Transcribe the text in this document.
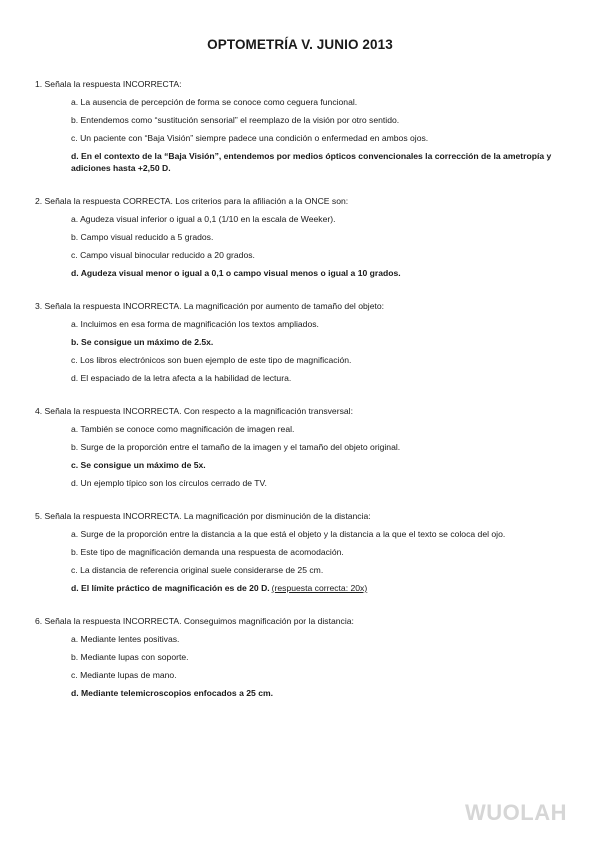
OPTOMETRÍA V. JUNIO 2013
1. Señala la respuesta INCORRECTA:
a. La ausencia de percepción de forma se conoce como ceguera funcional.
b. Entendemos como “sustitución sensorial” el reemplazo de la visión por otro sentido.
c. Un paciente con “Baja Visión” siempre padece una condición o enfermedad en ambos ojos.
d. En el contexto de la “Baja Visión”, entendemos por medios ópticos convencionales la corrección de la ametropía y adiciones hasta +2,50 D.
2. Señala la respuesta CORRECTA. Los criterios para la afiliación a la ONCE son:
a. Agudeza visual inferior o igual a 0,1 (1/10 en la escala de Weeker).
b. Campo visual reducido a 5 grados.
c. Campo visual binocular reducido a 20 grados.
d. Agudeza visual menor o igual a 0,1 o campo visual menos o igual a 10 grados.
3. Señala la respuesta INCORRECTA. La magnificación por aumento de tamaño del objeto:
a. Incluimos en esa forma de magnificación los textos ampliados.
b. Se consigue un máximo de 2.5x.
c. Los libros electrónicos son buen ejemplo de este tipo de magnificación.
d. El espaciado de la letra afecta a la habilidad de lectura.
4. Señala la respuesta INCORRECTA. Con respecto a la magnificación transversal:
a. También se conoce como magnificación de imagen real.
b. Surge de la proporción entre el tamaño de la imagen y el tamaño del objeto original.
c. Se consigue un máximo de 5x.
d. Un ejemplo típico son los círculos cerrado de TV.
5. Señala la respuesta INCORRECTA. La magnificación por disminución de la distancia:
a. Surge de la proporción entre la distancia a la que está el objeto y la distancia a la que el texto se coloca del ojo.
b. Este tipo de magnificación demanda una respuesta de acomodación.
c. La distancia de referencia original suele considerarse de 25 cm.
d. El límite práctico de magnificación es de 20 D. (respuesta correcta: 20x)
6. Señala la respuesta INCORRECTA. Conseguimos magnificación por la distancia:
a. Mediante lentes positivas.
b. Mediante lupas con soporte.
c. Mediante lupas de mano.
d. Mediante telemicroscopios enfocados a 25 cm.
WUOLAH
